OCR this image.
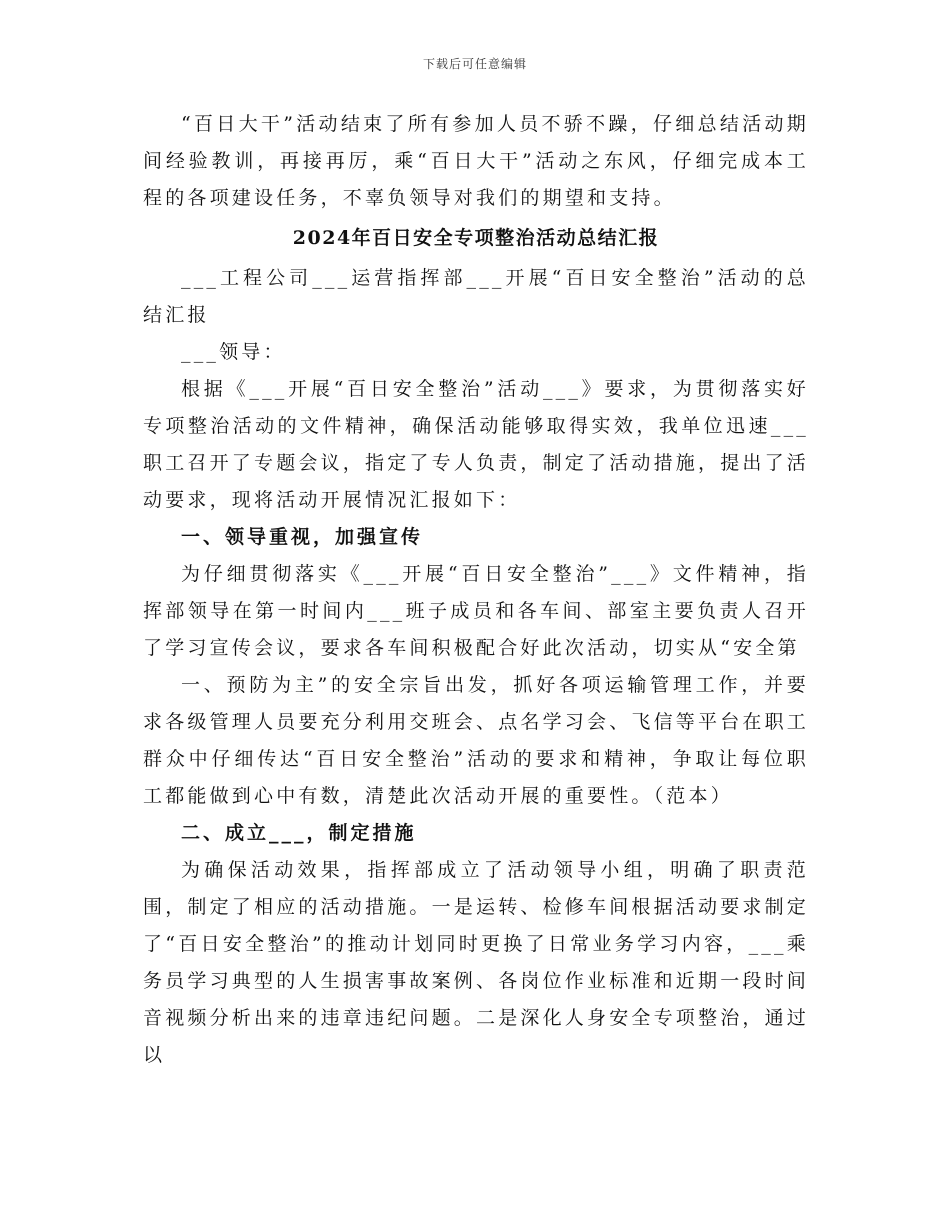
下载后可任意编辑

“百日大干”活动结束了所有参加人员不骄不躁，仔细总结活动期间经验教训，再接再厉，乘“百日大干”活动之东风，仔细完成本工程的各项建设任务，不辜负领导对我们的期望和支持。

2024年百日安全专项整治活动总结汇报

___工程公司___运营指挥部___开展“百日安全整治”活动的总结汇报

___领导：

根据《___开展“百日安全整治”活动___》要求，为贯彻落实好专项整治活动的文件精神，确保活动能够取得实效，我单位迅速___职工召开了专题会议，指定了专人负责，制定了活动措施，提出了活动要求，现将活动开展情况汇报如下：

一、领导重视，加强宣传

为仔细贯彻落实《___开展“百日安全整治”___》文件精神，指挥部领导在第一时间内___班子成员和各车间、部室主要负责人召开了学习宣传会议，要求各车间积极配合好此次活动，切实从“安全第

一、预防为主”的安全宗旨出发，抓好各项运输管理工作，并要求各级管理人员要充分利用交班会、点名学习会、飞信等平台在职工群众中仔细传达“百日安全整治”活动的要求和精神，争取让每位职工都能做到心中有数，清楚此次活动开展的重要性。（范本）

二、成立___，制定措施

为确保活动效果，指挥部成立了活动领导小组，明确了职责范围，制定了相应的活动措施。一是运转、检修车间根据活动要求制定了“百日安全整治”的推动计划同时更换了日常业务学习内容，___乘务员学习典型的人生损害事故案例、各岗位作业标准和近期一段时间音视频分析出来的违章违纪问题。二是深化人身安全专项整治，通过以
